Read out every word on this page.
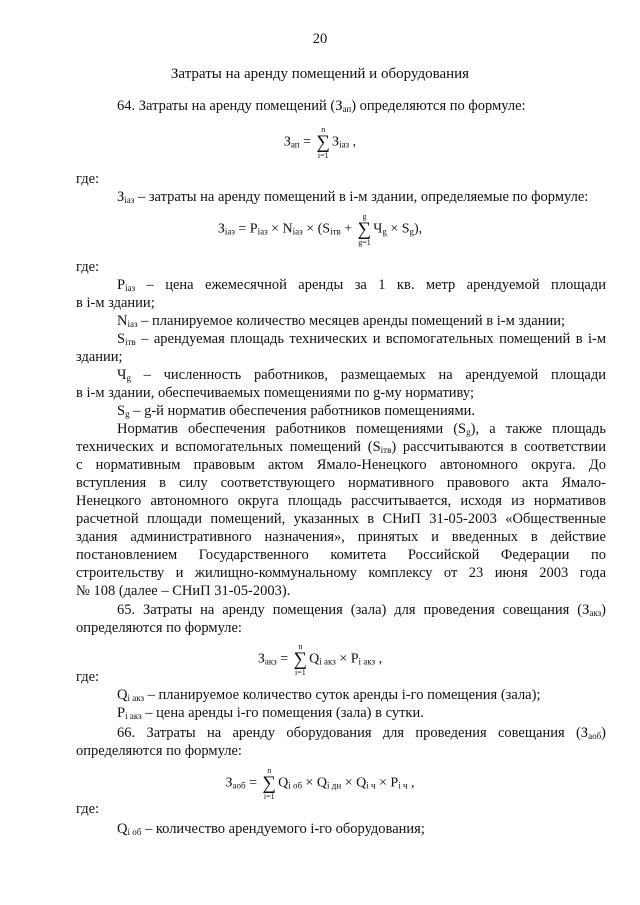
20
Затраты на аренду помещений и оборудования
64. Затраты на аренду помещений $(З_{ап})$ определяются по формуле:
$З_{ап}$ =
n
∑
i=1
$З_{iаз}$ ,
где:
$З_{iаз}$ – затраты на аренду помещений в i-м здании, определяемые по формуле:
$З_{iаз} = P_{iаз} \times N_{iаз} \times (S_{iтв}$ +
g
∑
g=1
$Ч_g \times S_g$),
где:
$P_{iаз}$ – цена ежемесячной аренды за 1 кв. метр арендуемой площади
в i-м здании;
$N_{iаз}$ – планируемое количество месяцев аренды помещений в i-м здании;
$S_{iтв}$ – арендуемая площадь технических и вспомогательных помещений в i-м
здании;
$Ч_g$ – численность работников, размещаемых на арендуемой площади
в i-м здании, обеспечиваемых помещениями по g-му нормативу;
$S_g - g-й$ норматив обеспечения работников помещениями.
Норматив обеспечения работников помещениями $(S_g)$, а также площадь
технических и вспомогательных помещений $(S_{iтв})$ рассчитываются в соответствии
с нормативным правовым актом Ямало-Ненецкого автономного округа. До
вступления в силу соответствующего нормативного правового акта Ямало-
Ненецкого автономного округа площадь рассчитывается, исходя из нормативов
расчетной площади помещений, указанных в СНиП 31-05-2003 «Общественные
здания административного назначения», принятых и введенных в действие
постановлением Государственного комитета Российской Федерации по
строительству и жилищно-коммунальному комплексу от 23 июня 2003 года
№ 108 (далее – СНиП 31-05-2003).
65. Затраты на аренду помещения (зала) для проведения совещания $(З_{акз})$
определяются по формуле:
$З_{акз}$ =
n
∑
i=1
$Q_{i акз} \times P_{i акз}$ ,
где:
$Q_{i акз}$ – планируемое количество суток аренды i-го помещения (зала);
$P_{i акз}$ – цена аренды i-го помещения (зала) в сутки.
66. Затраты на аренду оборудования для проведения совещания $(З_{аоб})$
определяются по формуле:
$З_{аоб}$ =
n
∑
i=1
$Q_{i об} \times Q_{i дн} \times Q_{i ч} \times P_{i ч}$ ,
где:
$Q_{i об}$ – количество арендуемого i-го оборудования;
